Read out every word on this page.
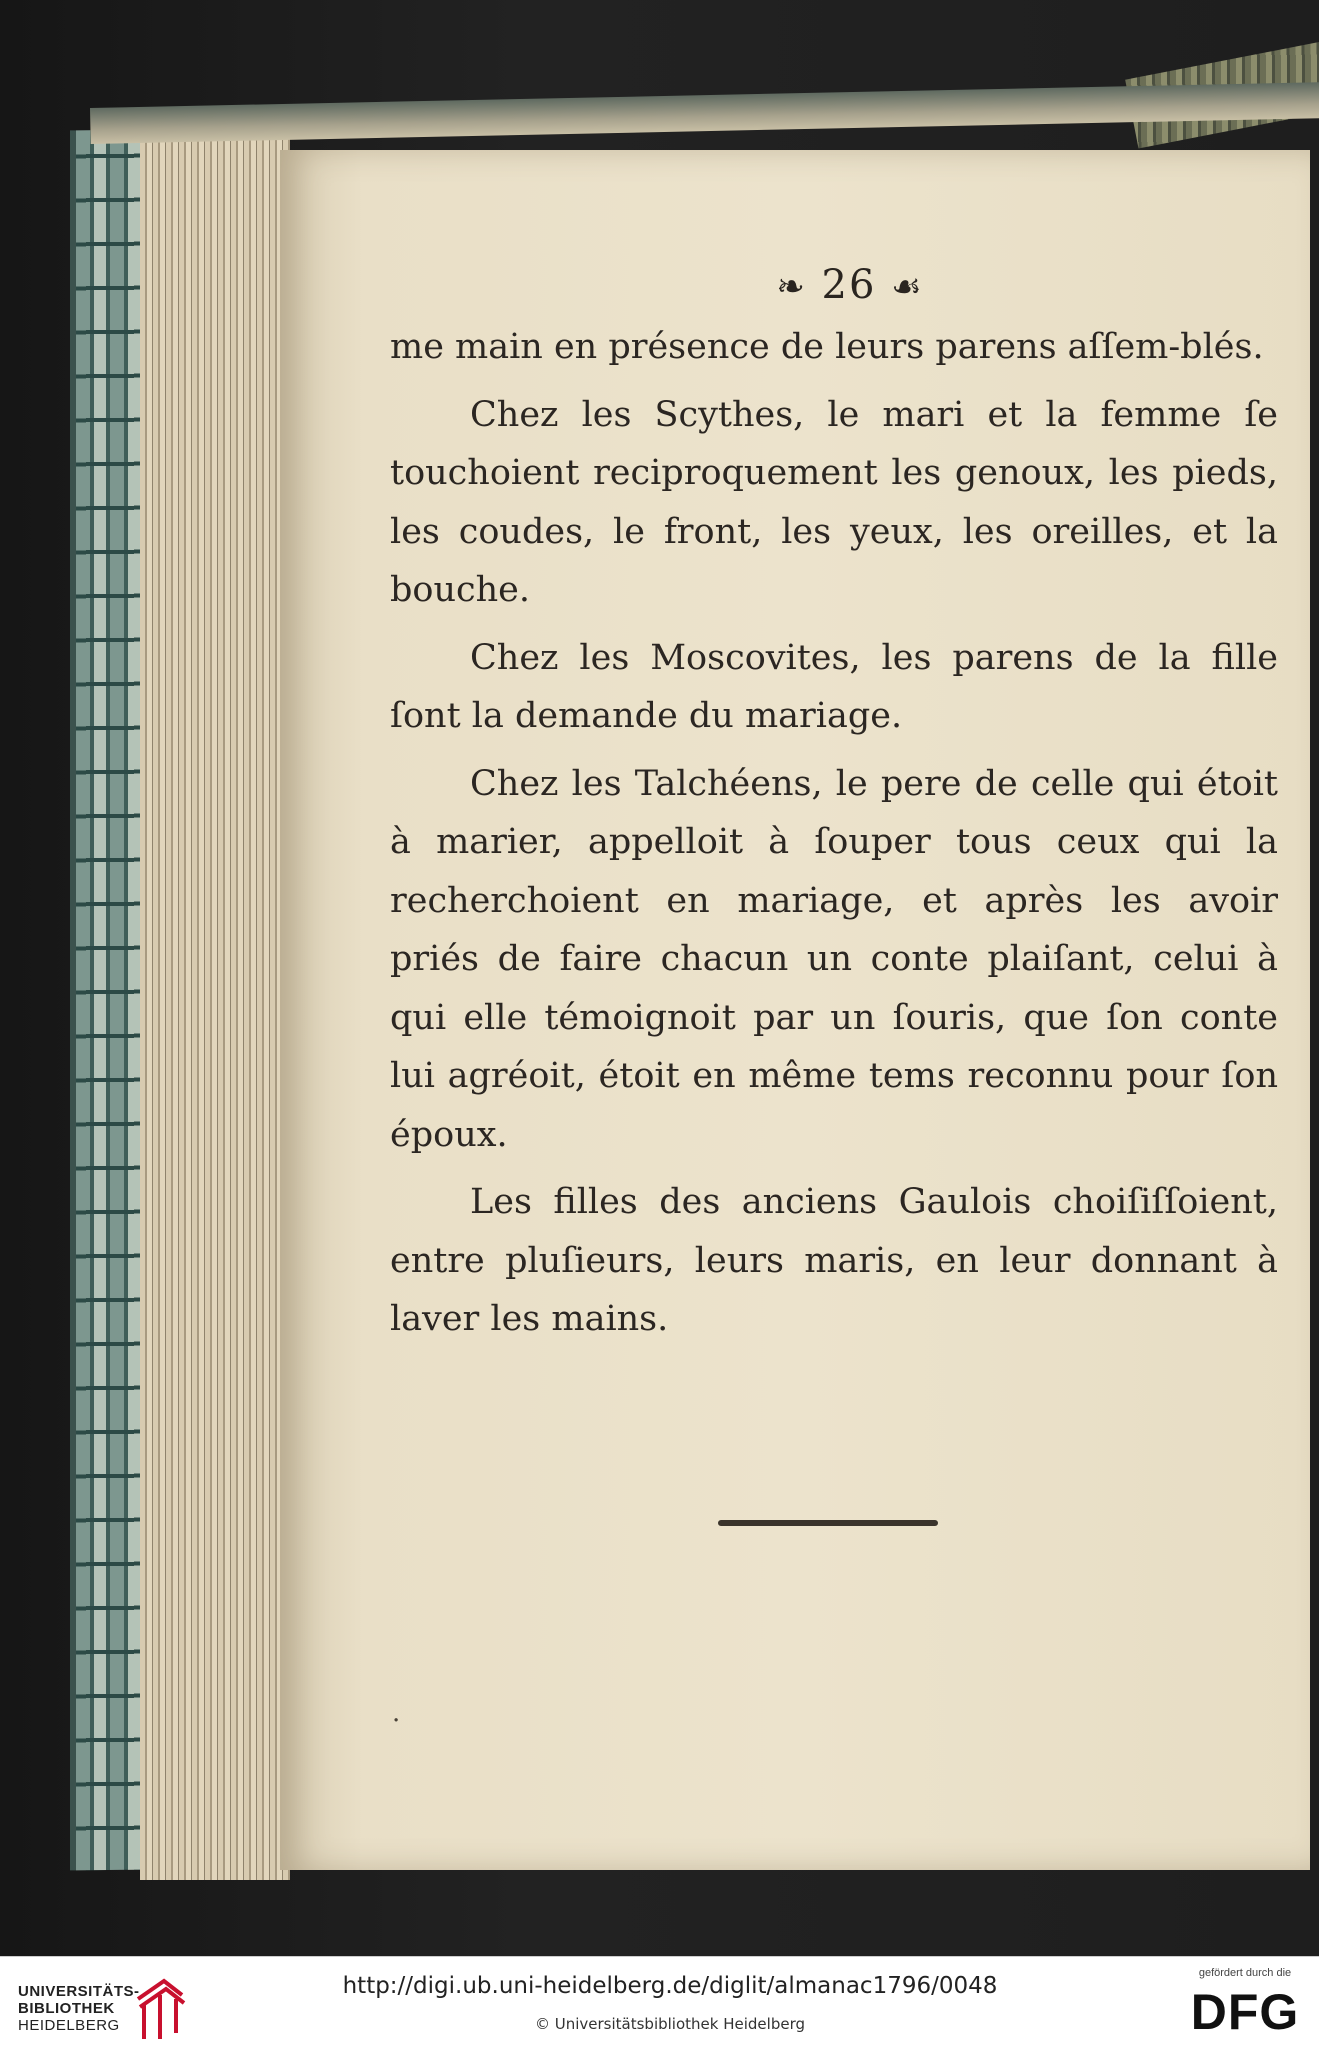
❧ 26 ☙

me main en présence de leurs parens aſſem-blés.

Chez les Scythes, le mari et la femme ſe touchoient reciproquement les genoux, les pieds, les coudes, le front, les yeux, les oreilles, et la bouche.

Chez les Moscovites, les parens de la fille ſont la demande du mariage.

Chez les Talchéens, le pere de celle qui étoit à marier, appelloit à ſouper tous ceux qui la recherchoient en mariage, et après les avoir priés de faire chacun un conte plaiſant, celui à qui elle témoignoit par un ſouris, que ſon conte lui agréoit, étoit en même tems reconnu pour ſon époux.

Les filles des anciens Gaulois choiſiſſoient, entre pluſieurs, leurs maris, en leur donnant à laver les mains.

·
UNIVERSITÄTS-
BIBLIOTHEK
HEIDELBERG
http://digi.ub.uni-heidelberg.de/diglit/almanac1796/0048
© Universitätsbibliothek Heidelberg
gefördert durch die
DFG
